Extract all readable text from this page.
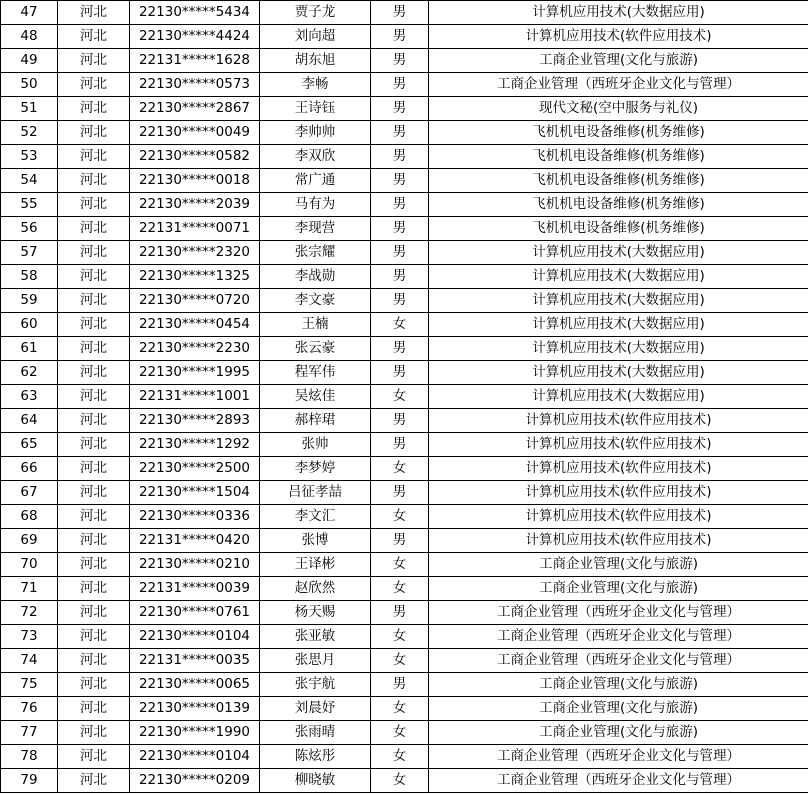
47	河北	22130*****5434	贾子龙	男	计算机应用技术(大数据应用)
48	河北	22130*****4424	刘向超	男	计算机应用技术(软件应用技术)
49	河北	22131*****1628	胡东旭	男	工商企业管理(文化与旅游)
50	河北	22130*****0573	李畅	男	工商企业管理（西班牙企业文化与管理）
51	河北	22130*****2867	王诗钰	男	现代文秘(空中服务与礼仪)
52	河北	22130*****0049	李帅帅	男	飞机机电设备维修(机务维修)
53	河北	22130*****0582	李双欣	男	飞机机电设备维修(机务维修)
54	河北	22130*****0018	常广通	男	飞机机电设备维修(机务维修)
55	河北	22130*****2039	马有为	男	飞机机电设备维修(机务维修)
56	河北	22131*****0071	李现营	男	飞机机电设备维修(机务维修)
57	河北	22130*****2320	张宗耀	男	计算机应用技术(大数据应用)
58	河北	22130*****1325	李战勋	男	计算机应用技术(大数据应用)
59	河北	22130*****0720	李文豪	男	计算机应用技术(大数据应用)
60	河北	22130*****0454	王楠	女	计算机应用技术(大数据应用)
61	河北	22130*****2230	张云豪	男	计算机应用技术(大数据应用)
62	河北	22130*****1995	程军伟	男	计算机应用技术(大数据应用)
63	河北	22131*****1001	吴炫佳	女	计算机应用技术(大数据应用)
64	河北	22130*****2893	郝梓珺	男	计算机应用技术(软件应用技术)
65	河北	22130*****1292	张帅	男	计算机应用技术(软件应用技术)
66	河北	22130*****2500	李梦婷	女	计算机应用技术(软件应用技术)
67	河北	22130*****1504	吕征孝喆	男	计算机应用技术(软件应用技术)
68	河北	22130*****0336	李文汇	女	计算机应用技术(软件应用技术)
69	河北	22131*****0420	张博	男	计算机应用技术(软件应用技术)
70	河北	22130*****0210	王译彬	女	工商企业管理(文化与旅游)
71	河北	22131*****0039	赵欣然	女	工商企业管理(文化与旅游)
72	河北	22130*****0761	杨天赐	男	工商企业管理（西班牙企业文化与管理）
73	河北	22130*****0104	张亚敏	女	工商企业管理（西班牙企业文化与管理）
74	河北	22131*****0035	张思月	女	工商企业管理（西班牙企业文化与管理）
75	河北	22130*****0065	张宇航	男	工商企业管理(文化与旅游)
76	河北	22130*****0139	刘晨妤	女	工商企业管理(文化与旅游)
77	河北	22130*****1990	张雨晴	女	工商企业管理(文化与旅游)
78	河北	22130*****0104	陈炫彤	女	工商企业管理（西班牙企业文化与管理）
79	河北	22130*****0209	柳晓敏	女	工商企业管理（西班牙企业文化与管理）
